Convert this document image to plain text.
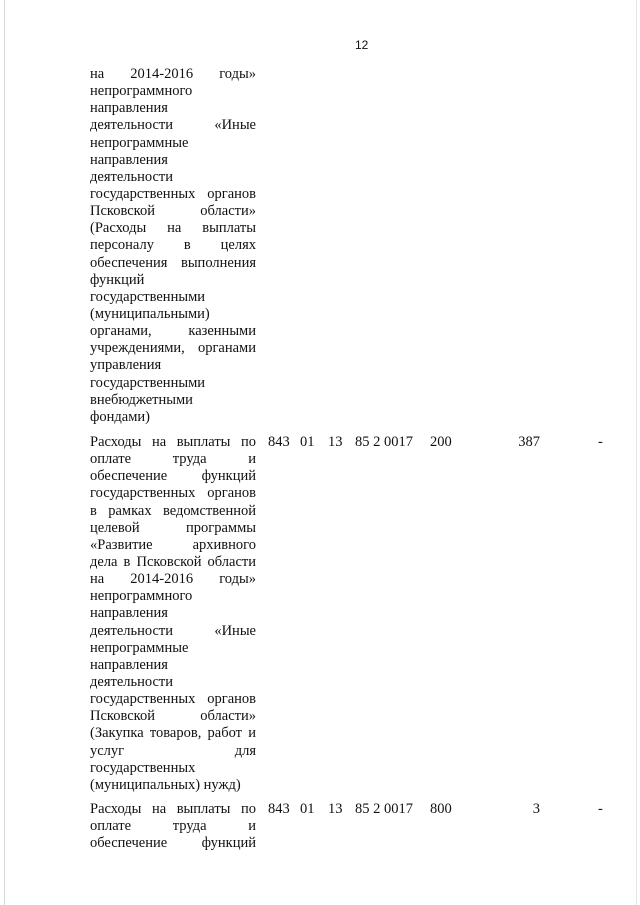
12
на 2014-2016 годы»
непрограммного
направления
деятельности «Иные
непрограммные
направления
деятельности
государственных органов
Псковской области»
(Расходы на выплаты
персоналу в целях
обеспечения выполнения
функций
государственными
(муниципальными)
органами, казенными
учреждениями, органами
управления
государственными
внебюджетными
фондами)
Расходы на выплаты по
оплате труда и
обеспечение функций
государственных органов
в рамках ведомственной
целевой программы
«Развитие архивного
дела в Псковской области
на 2014-2016 годы»
непрограммного
направления
деятельности «Иные
непрограммные
направления
деятельности
государственных органов
Псковской области»
(Закупка товаров, работ и
услуг для
государственных
(муниципальных) нужд)
843 01 13 85 2 0017 200	387	-
Расходы на выплаты по
оплате труда и
обеспечение функций
843 01 13 85 2 0017 800	3	-
